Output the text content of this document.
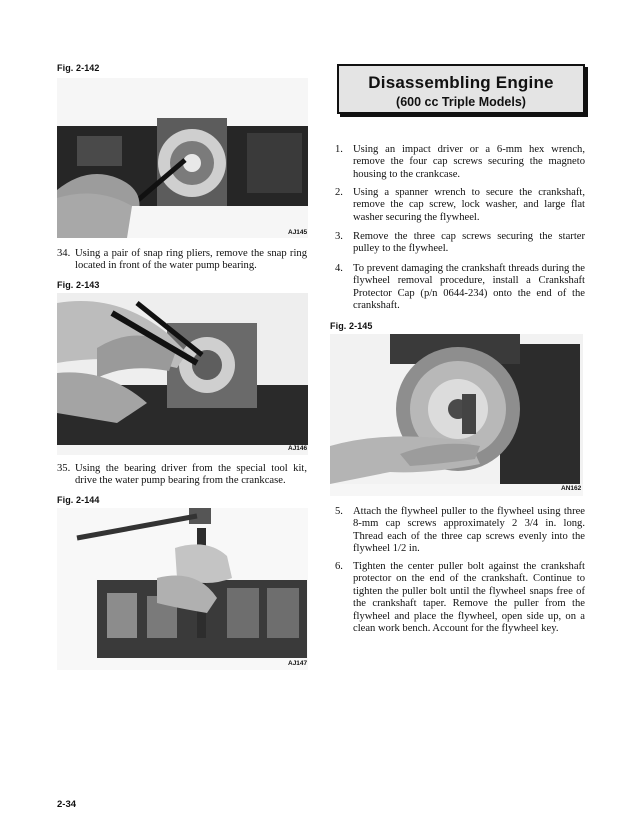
Fig. 2-142
AJ145
34. Using a pair of snap ring pliers, remove the snap ring located in front of the water pump bearing.
Fig. 2-143
AJ146
35. Using the bearing driver from the special tool kit, drive the water pump bearing from the crankcase.
Fig. 2-144
AJ147
Disassembling Engine
(600 cc Triple Models)
1. Using an impact driver or a 6-mm hex wrench, remove the four cap screws securing the magneto housing to the crankcase.
2. Using a spanner wrench to secure the crankshaft, remove the cap screw, lock washer, and large flat washer securing the flywheel.
3. Remove the three cap screws securing the starter pulley to the flywheel.
4. To prevent damaging the crankshaft threads during the flywheel removal procedure, install a Crankshaft Protector Cap (p/n 0644-234) onto the end of the crankshaft.
Fig. 2-145
AN162
5. Attach the flywheel puller to the flywheel using three 8-mm cap screws approximately 2 3/4 in. long. Thread each of the three cap screws evenly into the flywheel 1/2 in.
6. Tighten the center puller bolt against the crankshaft protector on the end of the crankshaft. Continue to tighten the puller bolt until the flywheel snaps free of the crankshaft taper. Remove the puller from the flywheel and place the flywheel, open side up, on a clean work bench. Account for the flywheel key.
2-34
